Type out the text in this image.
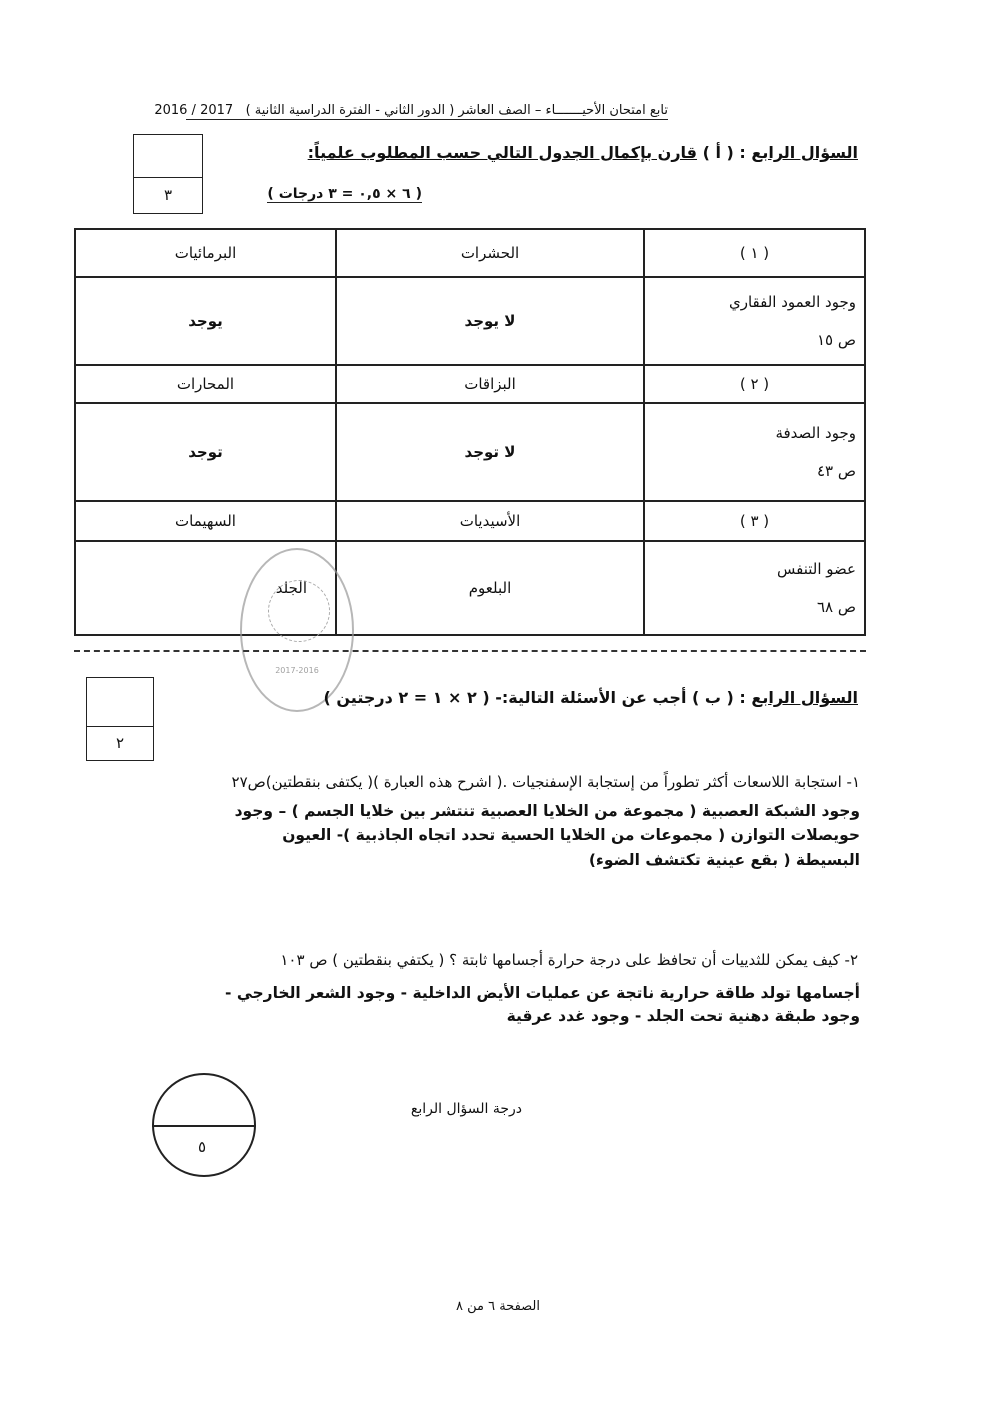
تابع امتحان الأحيـــــــاء – الصف العاشر ( الدور الثاني - الفترة الدراسية الثانية )   2017 / 2016
٣
السؤال الرابع : ( أ ) قارن بإكمال الجدول التالي حسب المطلوب علمياً:
( ٦ × ٠,٥ = ٣ درجات )
( ١ )	الحشرات	البرمائيات

وجود العمود الفقاري
ص ١٥	لا يوجد	يوجد
( ٢ )	البزاقات	المحارات

وجود الصدفة
ص ٤٣	لا توجد	توجد
( ٣ )	الأسيديات	السهيمات

عضو التنفس
ص ٦٨	البلعوم	الجلد
2017-2016
٢
السؤال الرابع : ( ب ) أجب عن الأسئلة التالية:- ( ٢ × ١ = ٢ درجتين )
١- استجابة اللاسعات أكثر تطوراً من إستجابة الإسفنجيات .( اشرح هذه العبارة )( يكتفى بنقطتين)ص٢٧
وجود الشبكة العصبية ( مجموعة من الخلايا العصبية تنتشر بين خلايا الجسم ) – وجود
حويصلات التوازن ( مجموعات من الخلايا الحسية تحدد اتجاه الجاذبية )- العيون
البسيطة ( بقع عينية تكتشف الضوء)
٢- كيف يمكن للثدييات أن تحافظ على درجة حرارة أجسامها ثابتة ؟ ( يكتفي بنقطتين ) ص ١٠٣
أجسامها تولد طاقة حرارية ناتجة عن عمليات الأيض الداخلية - وجود الشعر الخارجي -
وجود طبقة دهنية تحت الجلد - وجود غدد عرقية
٥
درجة السؤال الرابع
الصفحة ٦ من ٨
